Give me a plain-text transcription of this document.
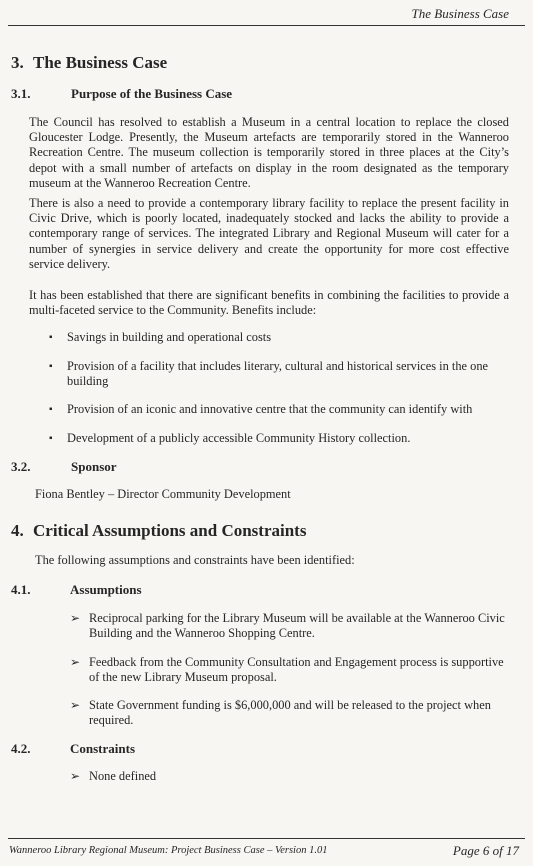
The Business Case
3. The Business Case
3.1.	Purpose of the Business Case

The Council has resolved to establish a Museum in a central location to replace the closed Gloucester Lodge. Presently, the Museum artefacts are temporarily stored in the Wanneroo Recreation Centre. The museum collection is temporarily stored in three places at the City’s depot with a small number of artefacts on display in the room designated as the temporary museum at the Wanneroo Recreation Centre.

There is also a need to provide a contemporary library facility to replace the present facility in Civic Drive, which is poorly located, inadequately stocked and lacks the ability to provide a contemporary range of services. The integrated Library and Regional Museum will cater for a number of synergies in service delivery and create the opportunity for more cost effective service delivery.

It has been established that there are significant benefits in combining the facilities to provide a multi-faceted service to the Community. Benefits include:

▪ Savings in building and operational costs
▪ Provision of a facility that includes literary, cultural and historical services in the one building
▪ Provision of an iconic and innovative centre that the community can identify with
▪ Development of a publicly accessible Community History collection.
3.2.	Sponsor

Fiona Bentley – Director Community Development

4. Critical Assumptions and Constraints

The following assumptions and constraints have been identified:

4.1.	Assumptions
➢ Reciprocal parking for the Library Museum will be available at the Wanneroo Civic Building and the Wanneroo Shopping Centre.
➢ Feedback from the Community Consultation and Engagement process is supportive of the new Library Museum proposal.
➢ State Government funding is $6,000,000 and will be released to the project when required.
4.2.	Constraints
➢ None defined
Wanneroo Library Regional Museum: Project Business Case – Version 1.01	Page 6 of 17
